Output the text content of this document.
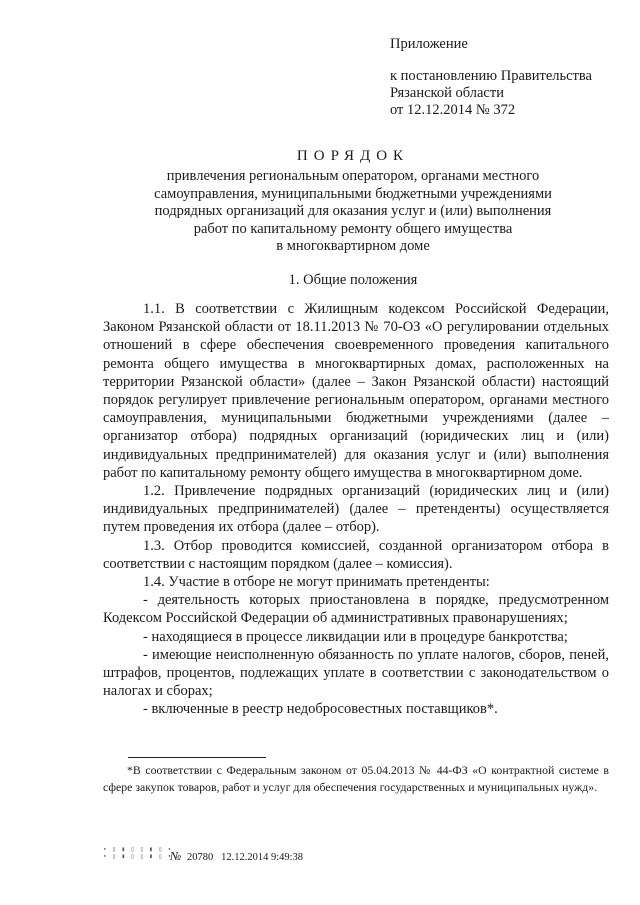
Приложение
к постановлению Правительства
Рязанской области
от 12.12.2014 № 372
ПОРЯДОК
привлечения региональным оператором, органами местного
самоуправления, муниципальными бюджетными учреждениями
подрядных организаций для оказания услуг и (или) выполнения
работ по капитальному ремонту общего имущества
в многоквартирном доме
1. Общие положения

1.1. В соответствии с Жилищным кодексом Российской Федерации, Законом Рязанской области от 18.11.2013 № 70-ОЗ «О регулировании отдельных отношений в сфере обеспечения своевременного проведения капитального ремонта общего имущества в многоквартирных домах, расположенных на территории Рязанской области» (далее – Закон Рязанской области) настоящий порядок регулирует привлечение региональным оператором, органами местного самоуправления, муниципальными бюджетными учреждениями (далее – организатор отбора) подрядных организаций (юридических лиц и (или) индивидуальных предпринимателей) для оказания услуг и (или) выполнения работ по капитальному ремонту общего имущества в многоквартирном доме.

1.2. Привлечение подрядных организаций (юридических лиц и (или) индивидуальных предпринимателей) (далее – претенденты) осуществляется путем проведения их отбора (далее – отбор).

1.3. Отбор проводится комиссией, созданной организатором отбора в соответствии с настоящим порядком (далее – комиссия).

1.4. Участие в отборе не могут принимать претенденты:

- деятельность которых приостановлена в порядке, предусмотренном Кодексом Российской Федерации об административных правонарушениях;

- находящиеся в процессе ликвидации или в процедуре банкротства;

- имеющие неисполненную обязанность по уплате налогов, сборов, пеней, штрафов, процентов, подлежащих уплате в соответствии с законодательством о налогах и сборах;

- включенные в реестр недобросовестных поставщиков*.

*В соответствии с Федеральным законом от 05.04.2013 № 44-ФЗ «О контрактной системе в сфере закупок товаров, работ и услуг для обеспечения государственных и муниципальных нужд».
∙ ▯ ▮ ▯ ▯ ▮ ▯ ∙
∙ ▯ ▮ ▯ ▯ ▮ ▯ ∙
№ 20780 12.12.2014 9:49:38
